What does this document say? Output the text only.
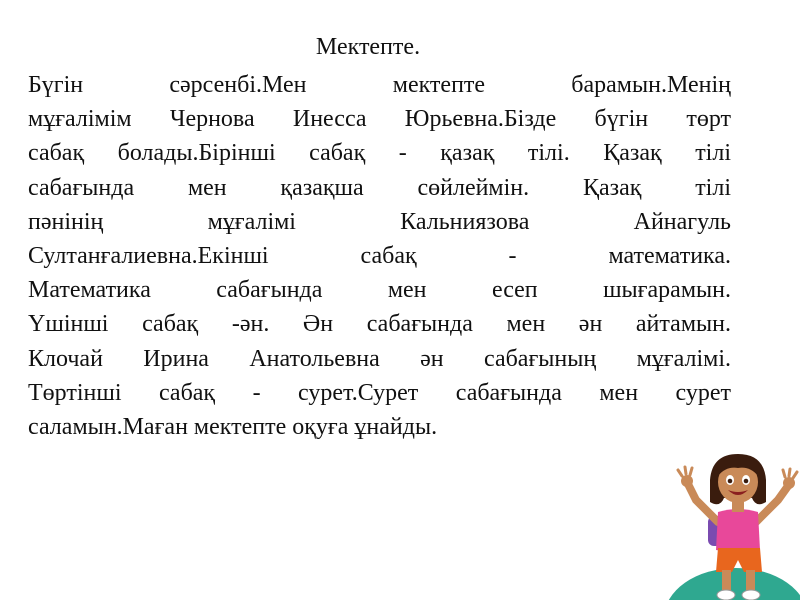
Мектепте.
Бүгін сәрсенбі.Мен мектепте барамын.Менің
мұғалімім Чернова Инесса Юрьевна.Бізде бүгін төрт
сабақ болады.Бірінші сабақ - қазақ тілі. Қазақ тілі
сабағында мен қазақша сөйлеймін. Қазақ тілі
пәнінің мұғалімі Кальниязова Айнагуль
Султанғалиевна.Екінші сабақ - математика.
Математика сабағында мен есеп шығарамын.
Үшінші сабақ -ән. Ән сабағында мен ән айтамын.
Клочай Ирина Анатольевна ән сабағының мұғалімі.
Төртінші сабақ - сурет.Сурет сабағында мен сурет
саламын.Маған мектепте оқуға ұнайды.
